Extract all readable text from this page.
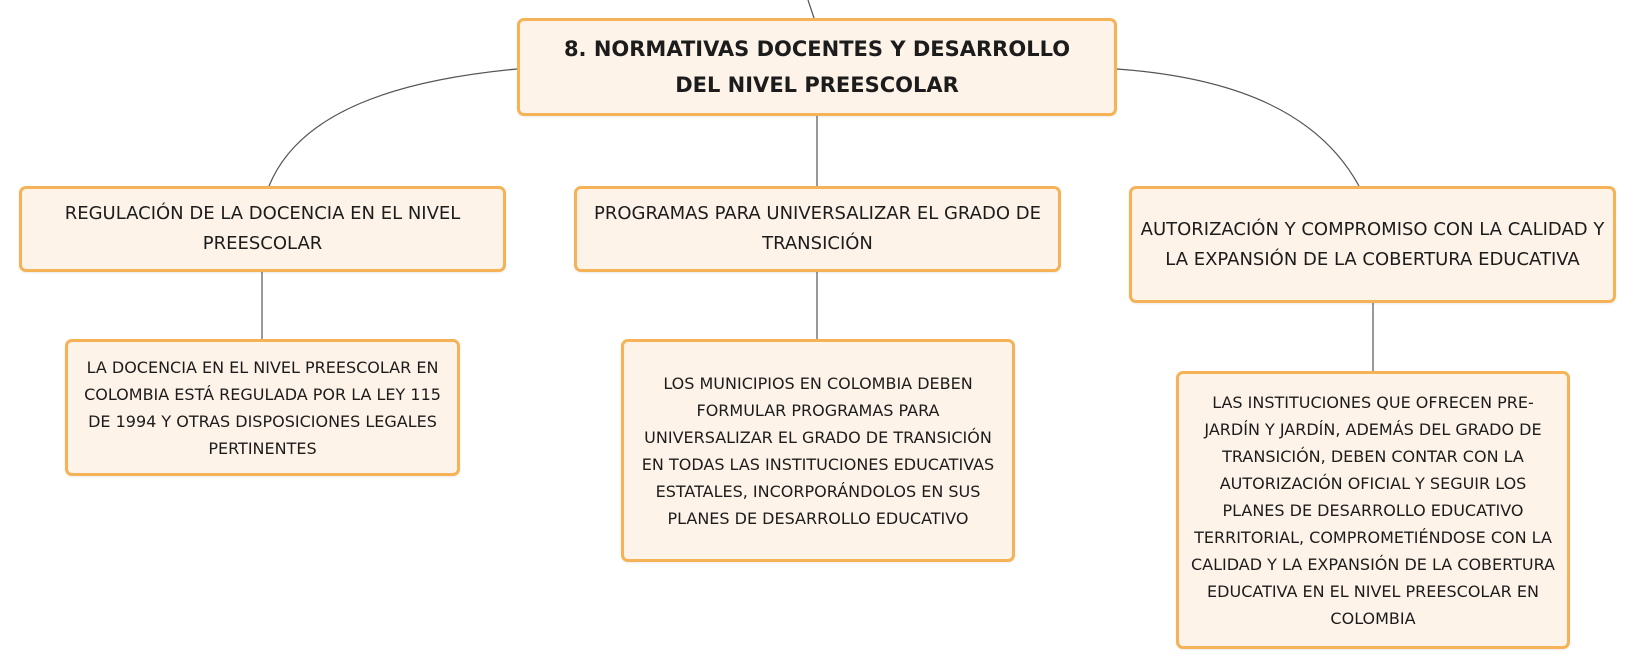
8. NORMATIVAS DOCENTES Y DESARROLLO DEL NIVEL PREESCOLAR
REGULACIÓN DE LA DOCENCIA EN EL NIVEL PREESCOLAR
PROGRAMAS PARA UNIVERSALIZAR EL GRADO DE TRANSICIÓN
AUTORIZACIÓN Y COMPROMISO CON LA CALIDAD Y LA EXPANSIÓN DE LA COBERTURA EDUCATIVA
LA DOCENCIA EN EL NIVEL PREESCOLAR EN COLOMBIA ESTÁ REGULADA POR LA LEY 115 DE 1994 Y OTRAS DISPOSICIONES LEGALES PERTINENTES
LOS MUNICIPIOS EN COLOMBIA DEBEN FORMULAR PROGRAMAS PARA UNIVERSALIZAR EL GRADO DE TRANSICIÓN EN TODAS LAS INSTITUCIONES EDUCATIVAS ESTATALES, INCORPORÁNDOLOS EN SUS PLANES DE DESARROLLO EDUCATIVO
LAS INSTITUCIONES QUE OFRECEN PRE-JARDÍN Y JARDÍN, ADEMÁS DEL GRADO DE TRANSICIÓN, DEBEN CONTAR CON LA AUTORIZACIÓN OFICIAL Y SEGUIR LOS PLANES DE DESARROLLO EDUCATIVO TERRITORIAL, COMPROMETIÉNDOSE CON LA CALIDAD Y LA EXPANSIÓN DE LA COBERTURA EDUCATIVA EN EL NIVEL PREESCOLAR EN COLOMBIA
